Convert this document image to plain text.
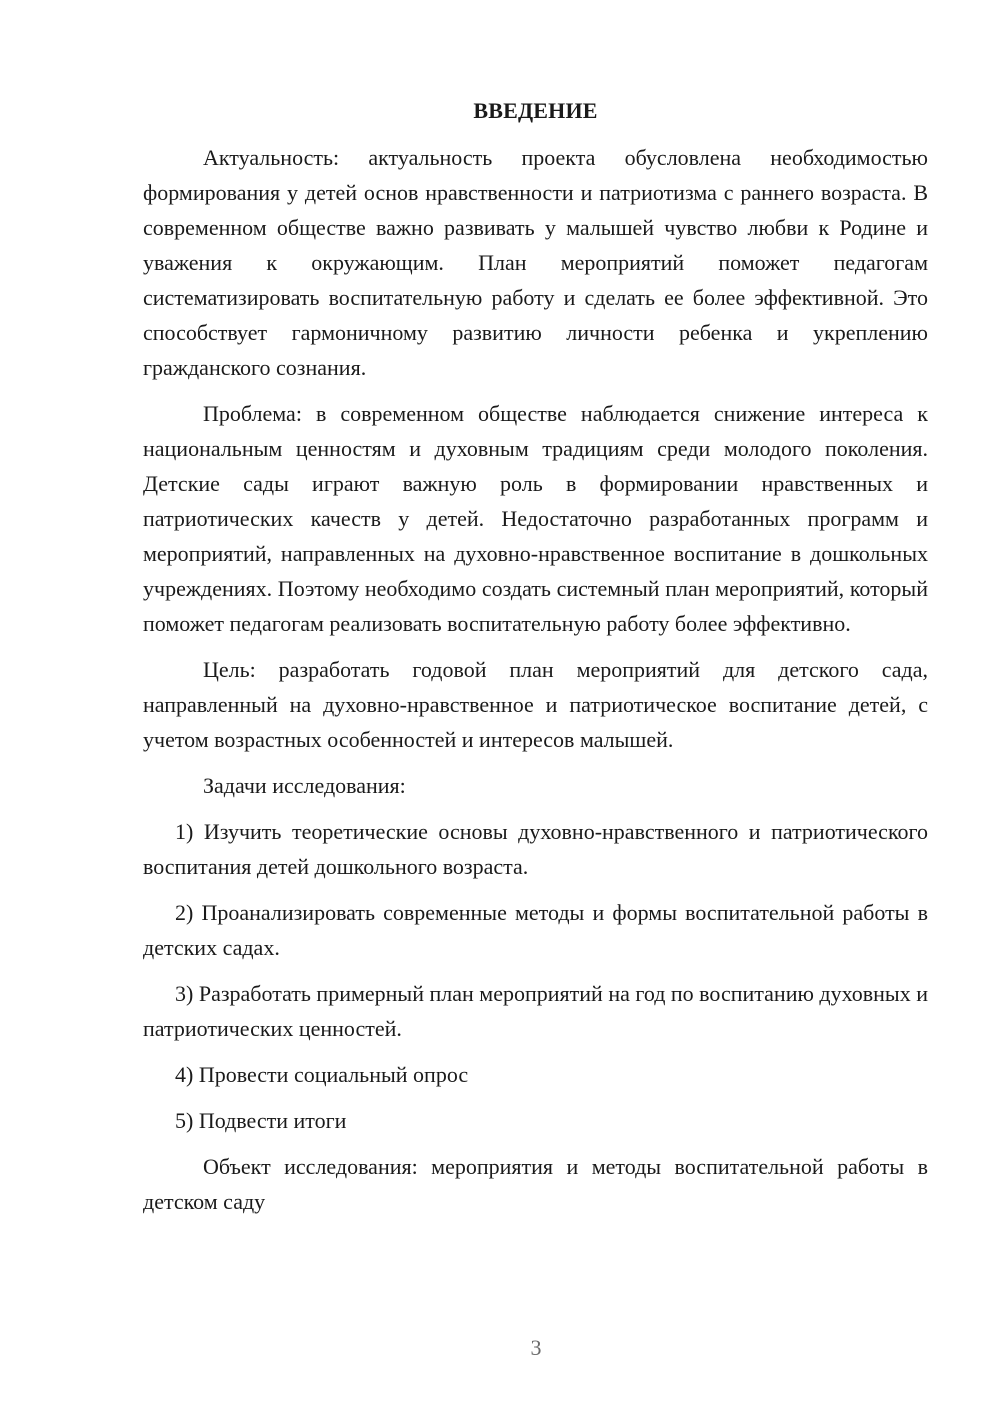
ВВЕДЕНИЕ

Актуальность: актуальность проекта обусловлена необходимостью формирования у детей основ нравственности и патриотизма с раннего возраста. В современном обществе важно развивать у малышей чувство любви к Родине и уважения к окружающим. План мероприятий поможет педагогам систематизировать воспитательную работу и сделать ее более эффективной. Это способствует гармоничному развитию личности ребенка и укреплению гражданского сознания.

Проблема: в современном обществе наблюдается снижение интереса к национальным ценностям и духовным традициям среди молодого поколения. Детские сады играют важную роль в формировании нравственных и патриотических качеств у детей. Недостаточно разработанных программ и мероприятий, направленных на духовно-нравственное воспитание в дошкольных учреждениях. Поэтому необходимо создать системный план мероприятий, который поможет педагогам реализовать воспитательную работу более эффективно.

Цель: разработать годовой план мероприятий для детского сада, направленный на духовно-нравственное и патриотическое воспитание детей, с учетом возрастных особенностей и интересов малышей.

Задачи исследования:

1) Изучить теоретические основы духовно-нравственного и патриотического воспитания детей дошкольного возраста.

2) Проанализировать современные методы и формы воспитательной работы в детских садах.

3) Разработать примерный план мероприятий на год по воспитанию духовных и патриотических ценностей.

4) Провести социальный опрос

5) Подвести итоги

Объект исследования: мероприятия и методы воспитательной работы в детском саду

3
